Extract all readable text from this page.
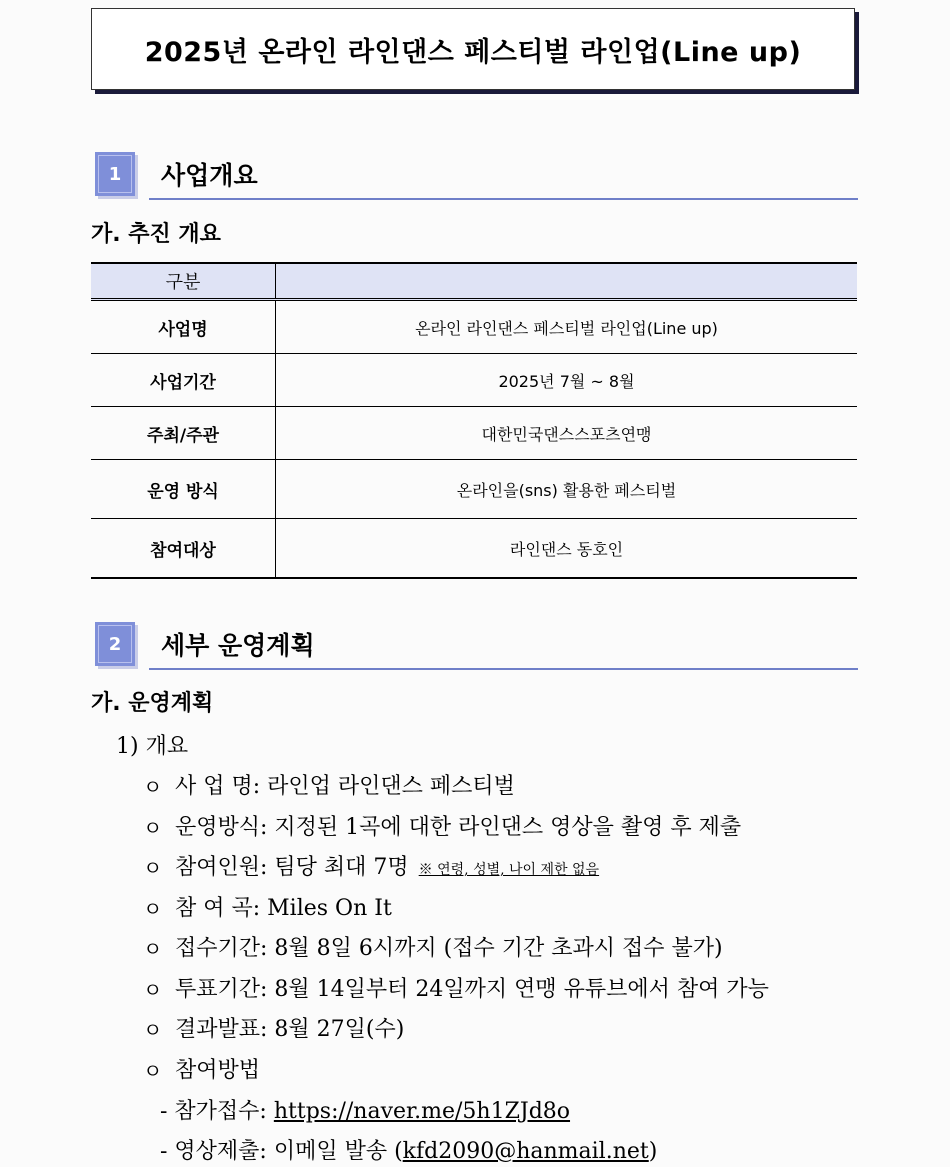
2025년 온라인 라인댄스 페스티벌 라인업(Line up)
1 사업개요
가. 추진 개요
구분	
사업명	온라인 라인댄스 페스티벌 라인업(Line up)
사업기간	2025년 7월 ~ 8월
주최/주관	대한민국댄스스포츠연맹
운영 방식	온라인을(sns) 활용한 페스티벌
참여대상	라인댄스 동호인
2 세부 운영계획
가. 운영계획
1) 개요
ㅇ 사 업 명: 라인업 라인댄스 페스티벌
ㅇ 운영방식: 지정된 1곡에 대한 라인댄스 영상을 촬영 후 제출
ㅇ 참여인원: 팀당 최대 7명 ※ 연령, 성별, 나이 제한 없음
ㅇ 참 여 곡: Miles On It
ㅇ 접수기간: 8월 8일 6시까지 (접수 기간 초과시 접수 불가)
ㅇ 투표기간: 8월 14일부터 24일까지 연맹 유튜브에서 참여 가능
ㅇ 결과발표: 8월 27일(수)
ㅇ 참여방법
- 참가접수: https://naver.me/5h1ZJd8o
- 영상제출: 이메일 발송 (kfd2090@hanmail.net)
